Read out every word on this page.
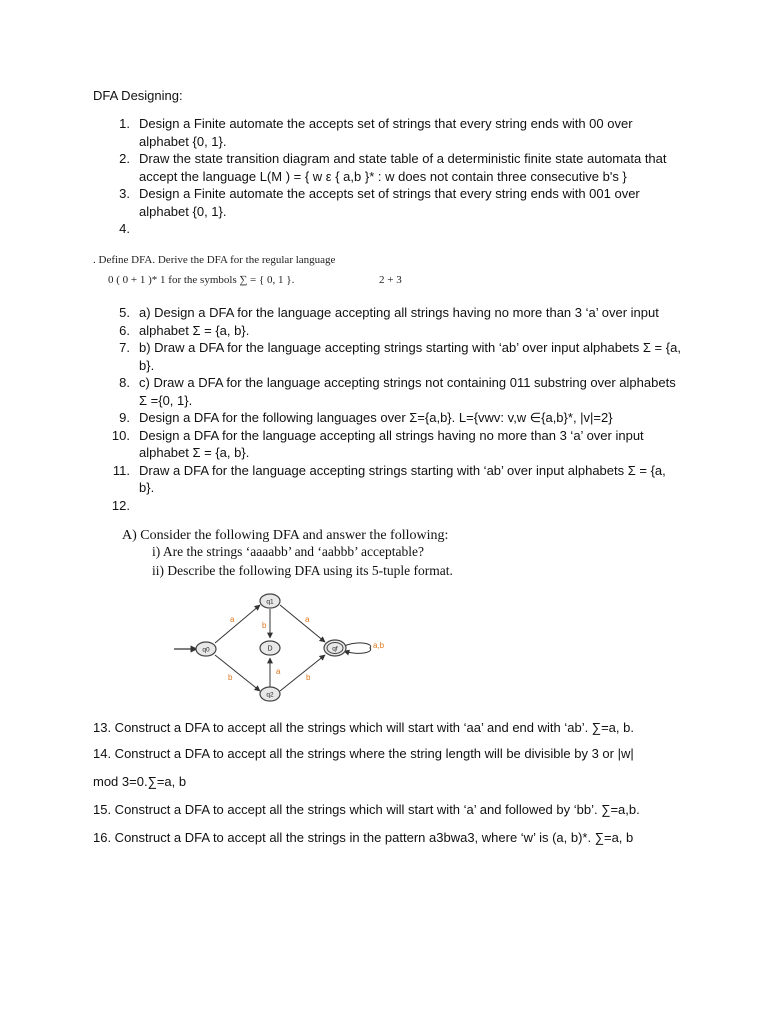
DFA Designing:
1. Design a Finite automate the accepts set of strings that every string ends with 00 over alphabet {0, 1}.
2. Draw the state transition diagram and state table of a deterministic finite state automata that accept the language L(M ) = { w ε { a,b }* : w does not contain three consecutive b's }
3. Design a Finite automate the accepts set of strings that every string ends with 001 over alphabet {0, 1}.
4.
. Define DFA. Derive the DFA for the regular language
0 ( 0 + 1 )* 1 for the symbols ∑ = { 0, 1 }.	2 + 3
5. a) Design a DFA for the language accepting all strings having no more than 3 ‘a’ over input
6. alphabet Σ = {a, b}.
7. b) Draw a DFA for the language accepting strings starting with ‘ab’ over input alphabets Σ = {a, b}.
8. c) Draw a DFA for the language accepting strings not containing 011 substring over alphabets Σ ={0, 1}.
9. Design a DFA for the following languages over Σ={a,b}. L={vwv: v,w ∈{a,b}*, |v|=2}
10. Design a DFA for the language accepting all strings having no more than 3 ‘a’ over input alphabet Σ = {a, b}.
11. Draw a DFA for the language accepting strings starting with ‘ab’ over input alphabets Σ = {a, b}.
12.
A) Consider the following DFA and answer the following:
i) Are the strings ‘aaaabb’ and ‘aabbb’ acceptable?
ii) Describe the following DFA using its 5-tuple format.
q0
q1
D
q2
qf
a
b
b
a
a
b
a,b
13. Construct a DFA to accept all the strings which will start with ‘aa’ and end with ‘ab’. ∑=a, b.
14. Construct a DFA to accept all the strings where the string length will be divisible by 3 or |w|
mod 3=0.∑=a, b
15. Construct a DFA to accept all the strings which will start with ‘a’ and followed by ‘bb’. ∑=a,b.
16. Construct a DFA to accept all the strings in the pattern a3bwa3, where ‘w’ is (a, b)*. ∑=a, b
